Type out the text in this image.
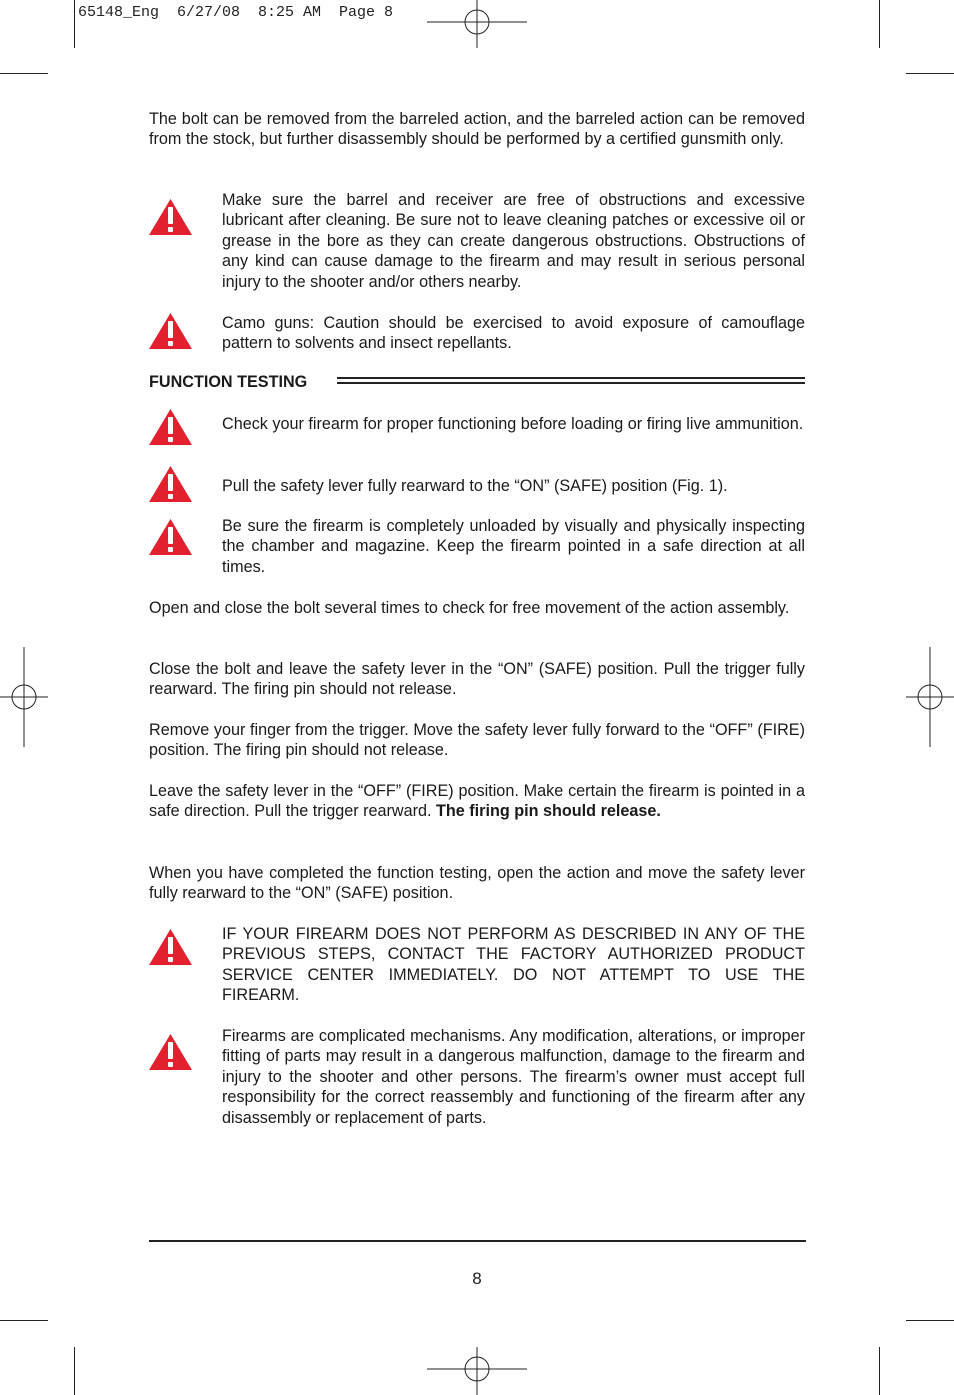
65148_Eng  6/27/08  8:25 AM  Page 8

The bolt can be removed from the barreled action, and the barreled action can be removed from the stock, but further disassembly should be performed by a certified gunsmith only.

Make sure the barrel and receiver are free of obstructions and excessive lubricant after cleaning. Be sure not to leave cleaning patches or excessive oil or grease in the bore as they can create dangerous obstructions. Obstructions of any kind can cause damage to the firearm and may result in serious personal injury to the shooter and/or others nearby.

Camo guns: Caution should be exercised to avoid exposure of camouflage pattern to solvents and insect repellants.

FUNCTION TESTING

Check your firearm for proper functioning before loading or firing live ammunition.

Pull the safety lever fully rearward to the “ON” (SAFE) position (Fig. 1).

Be sure the firearm is completely unloaded by visually and physically inspecting the chamber and magazine. Keep the firearm pointed in a safe direction at all times.

Open and close the bolt several times to check for free movement of the action assembly.

Close the bolt and leave the safety lever in the “ON” (SAFE) position. Pull the trigger fully rearward. The firing pin should not release.

Remove your finger from the trigger. Move the safety lever fully forward to the “OFF” (FIRE) position. The firing pin should not release.

Leave the safety lever in the “OFF” (FIRE) position. Make certain the firearm is pointed in a safe direction. Pull the trigger rearward. The firing pin should release.

When you have completed the function testing, open the action and move the safety lever fully rearward to the “ON” (SAFE) position.

IF YOUR FIREARM DOES NOT PERFORM AS DESCRIBED IN ANY OF THE PREVIOUS STEPS, CONTACT THE FACTORY AUTHORIZED PRODUCT SERVICE CENTER IMMEDIATELY. DO NOT ATTEMPT TO USE THE FIREARM.

Firearms are complicated mechanisms. Any modification, alterations, or improper fitting of parts may result in a dangerous malfunction, damage to the firearm and injury to the shooter and other persons. The firearm’s owner must accept full responsibility for the correct reassembly and functioning of the firearm after any disassembly or replacement of parts.

8
